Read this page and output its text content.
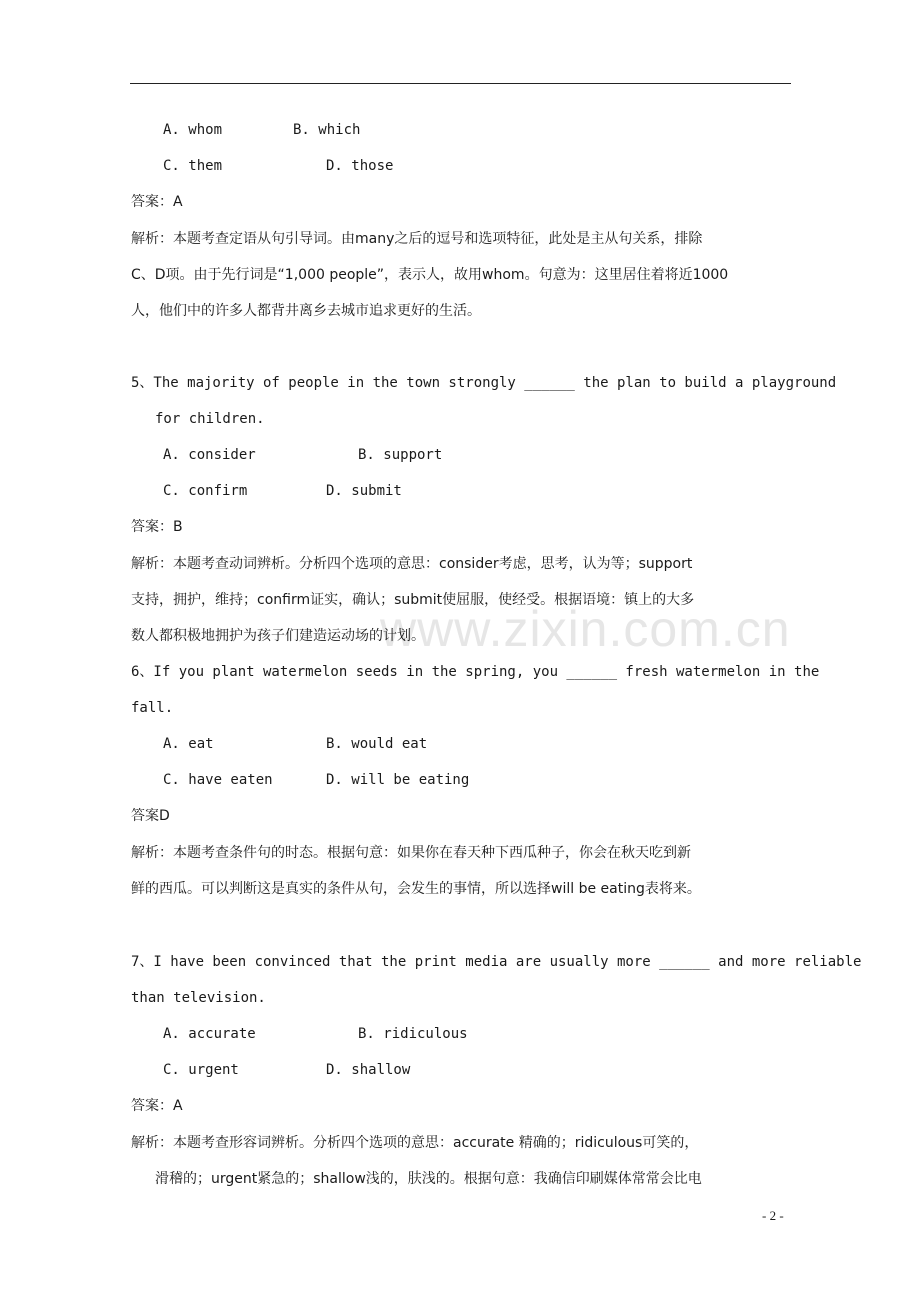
www.zixin.com.cn
A. whom	B. which
C. them	D. those
答案：A
解析：本题考查定语从句引导词。由many之后的逗号和选项特征，此处是主从句关系，排除
C、D项。由于先行词是“1,000 people”，表示人，故用whom。句意为：这里居住着将近1000
人，他们中的许多人都背井离乡去城市追求更好的生活。
5、The majority of people in the town strongly ______ the plan to build a playground
for children.
A. consider	B. support
C. confirm	D. submit
答案：B
解析：本题考查动词辨析。分析四个选项的意思：consider考虑，思考，认为等；support
支持，拥护，维持；confirm证实，确认；submit使屈服，使经受。根据语境：镇上的大多
数人都积极地拥护为孩子们建造运动场的计划。
6、If you plant watermelon seeds in the spring, you ______ fresh watermelon in the
fall.
A. eat	B. would eat
C. have eaten	D. will be eating
答案D
解析：本题考查条件句的时态。根据句意：如果你在春天种下西瓜种子，你会在秋天吃到新
鲜的西瓜。可以判断这是真实的条件从句，会发生的事情，所以选择will be eating表将来。
7、I have been convinced that the print media are usually more ______ and more reliable
than television.
A. accurate	B. ridiculous
C. urgent	D. shallow
答案：A
解析：本题考查形容词辨析。分析四个选项的意思：accurate 精确的；ridiculous可笑的，
滑稽的；urgent紧急的；shallow浅的，肤浅的。根据句意：我确信印刷媒体常常会比电
- 2 -
